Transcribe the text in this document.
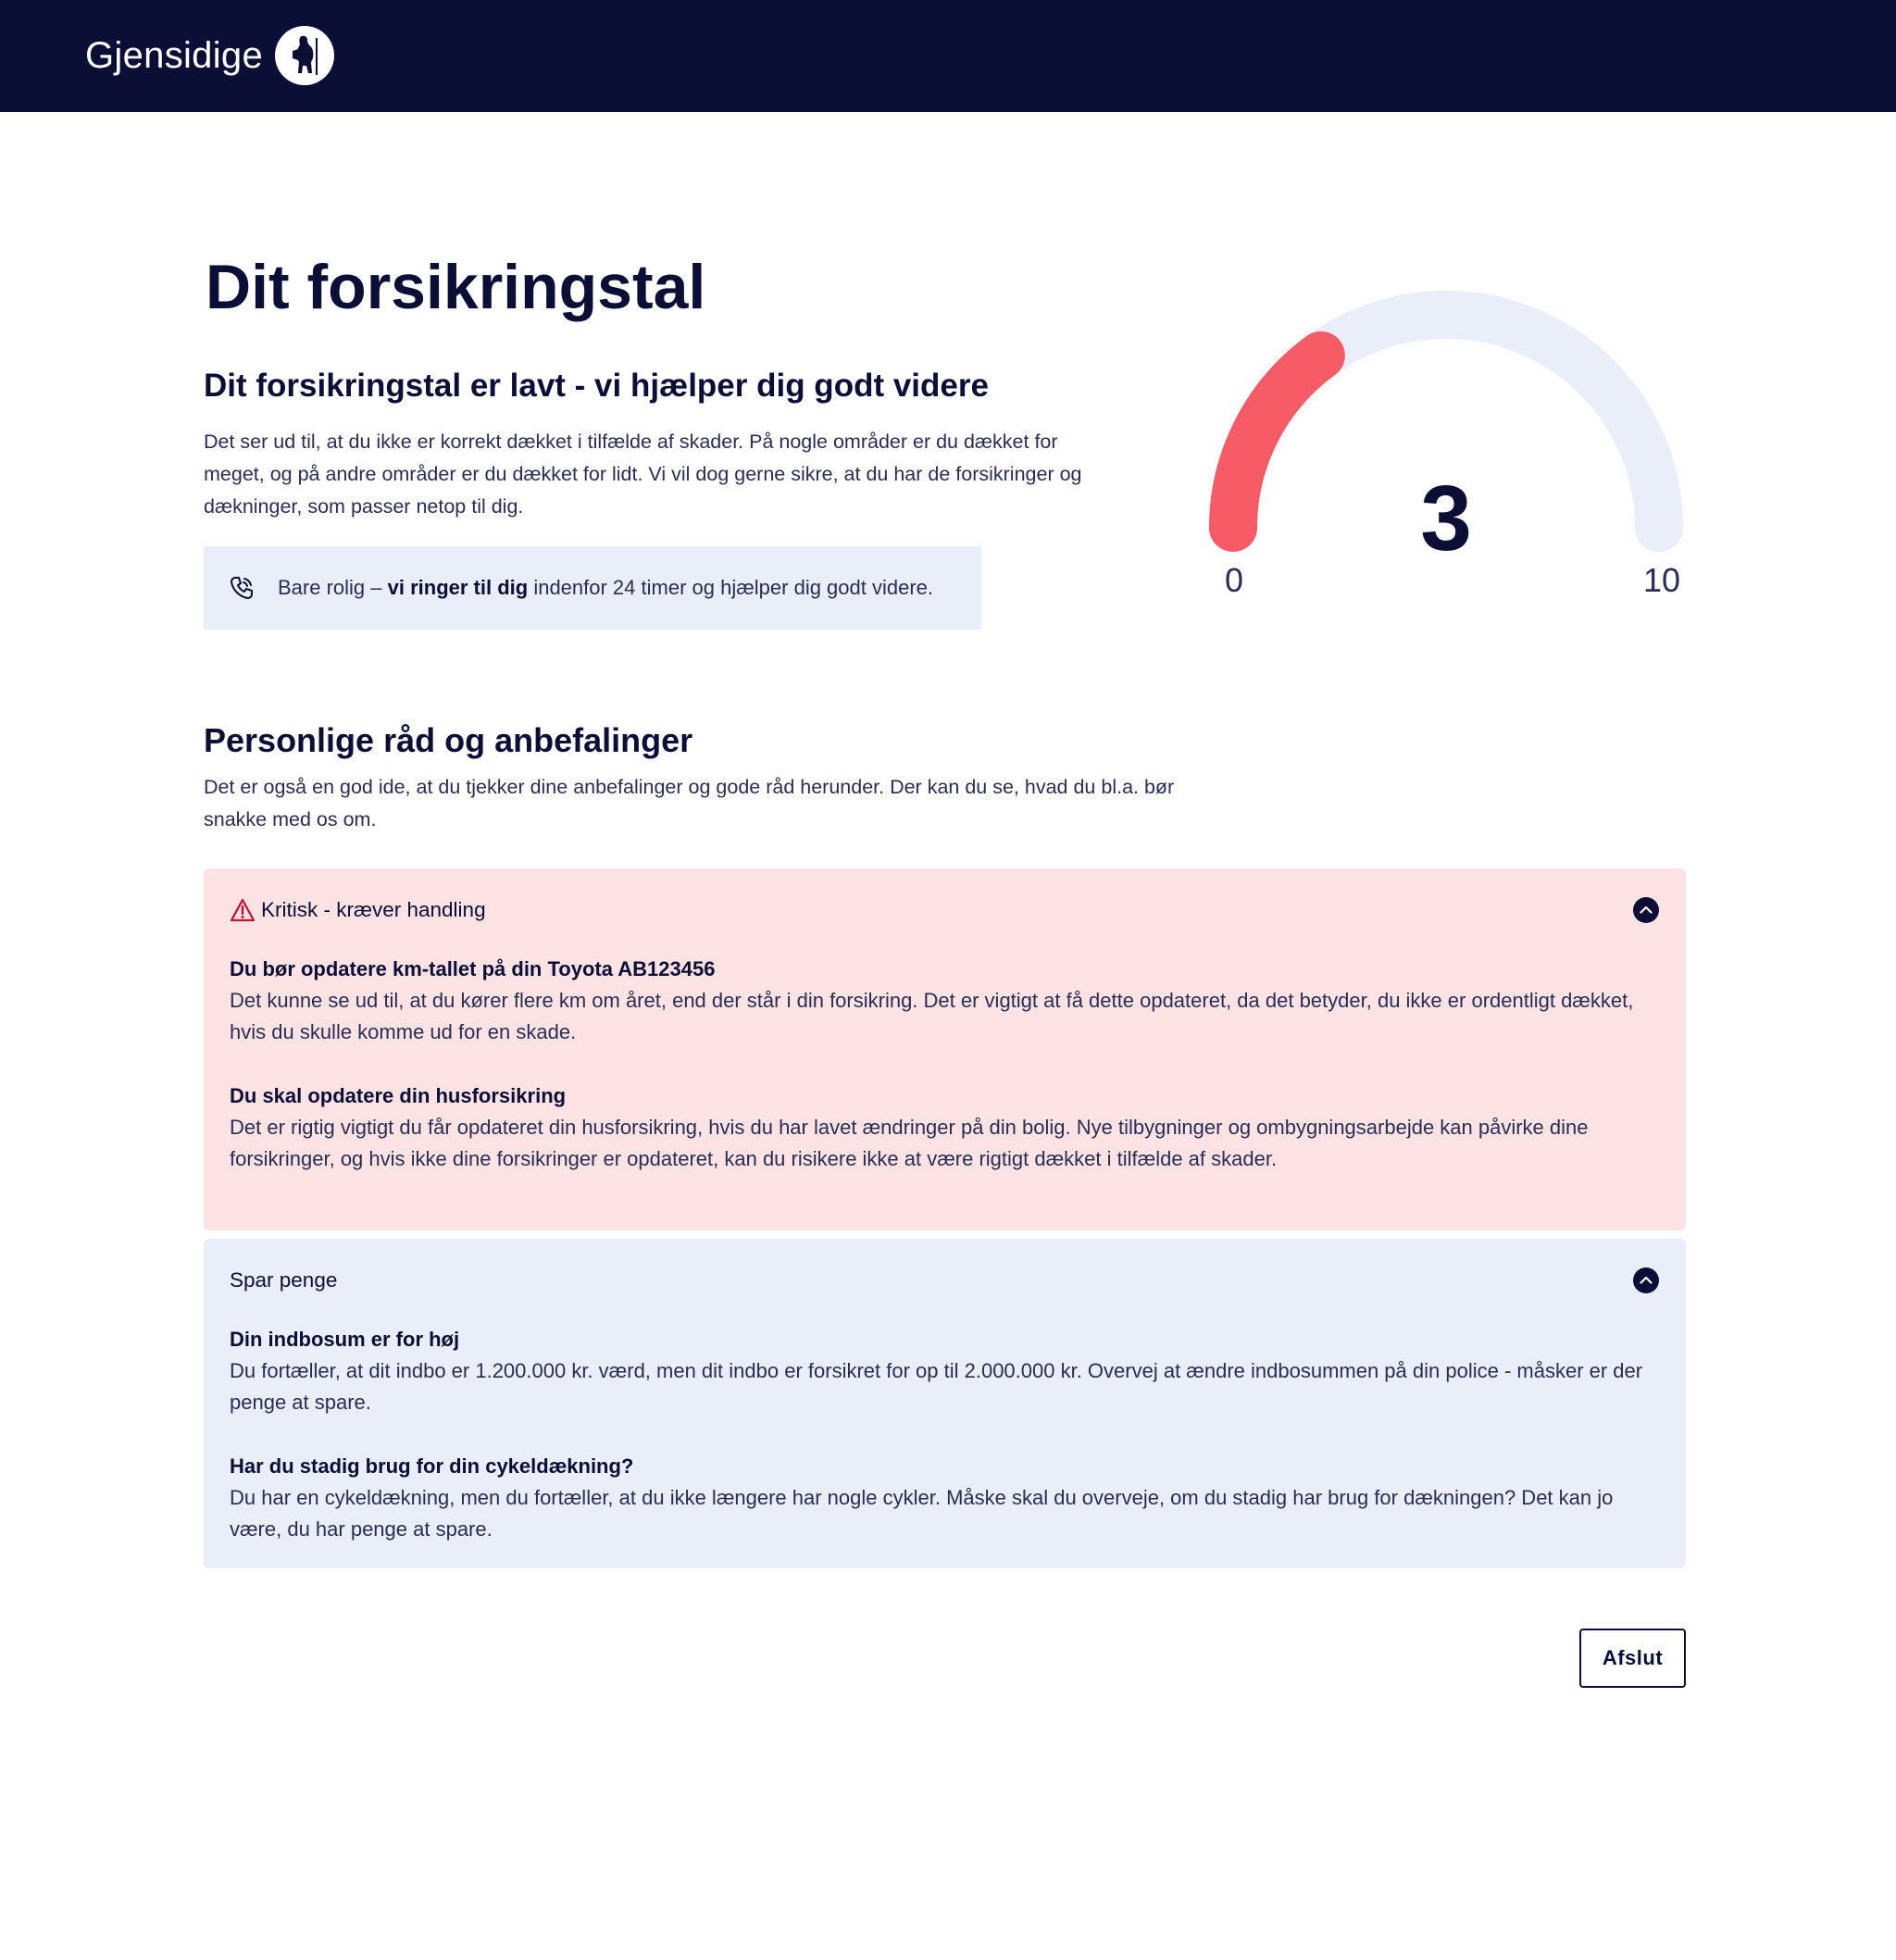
Gjensidige
Dit forsikringstal
Dit forsikringstal er lavt - vi hjælper dig godt videre

Det ser ud til, at du ikke er korrekt dækket i tilfælde af skader. På nogle områder er du dækket for meget, og på andre områder er du dækket for lidt. Vi vil dog gerne sikre, at du har de forsikringer og dækninger, som passer netop til dig.

Bare rolig – vi ringer til dig indenfor 24 timer og hjælper dig godt videre.
3
0	10
Personlige råd og anbefalinger

Det er også en god ide, at du tjekker dine anbefalinger og gode råd herunder. Der kan du se, hvad du bl.a. bør snakke med os om.

Kritisk - kræver handling
Du bør opdatere km-tallet på din Toyota AB123456
Det kunne se ud til, at du kører flere km om året, end der står i din forsikring. Det er vigtigt at få dette opdateret, da det betyder, du ikke er ordentligt dækket, hvis du skulle komme ud for en skade.
Du skal opdatere din husforsikring
Det er rigtig vigtigt du får opdateret din husforsikring, hvis du har lavet ændringer på din bolig. Nye tilbygninger og ombygningsarbejde kan påvirke dine forsikringer, og hvis ikke dine forsikringer er opdateret, kan du risikere ikke at være rigtigt dækket i tilfælde af skader.
Spar penge
Din indbosum er for høj
Du fortæller, at dit indbo er 1.200.000 kr. værd, men dit indbo er forsikret for op til 2.000.000 kr. Overvej at ændre indbosummen på din police - måsker er der penge at spare.
Har du stadig brug for din cykeldækning?
Du har en cykeldækning, men du fortæller, at du ikke længere har nogle cykler. Måske skal du overveje, om du stadig har brug for dækningen? Det kan jo være, du har penge at spare.
Afslut
